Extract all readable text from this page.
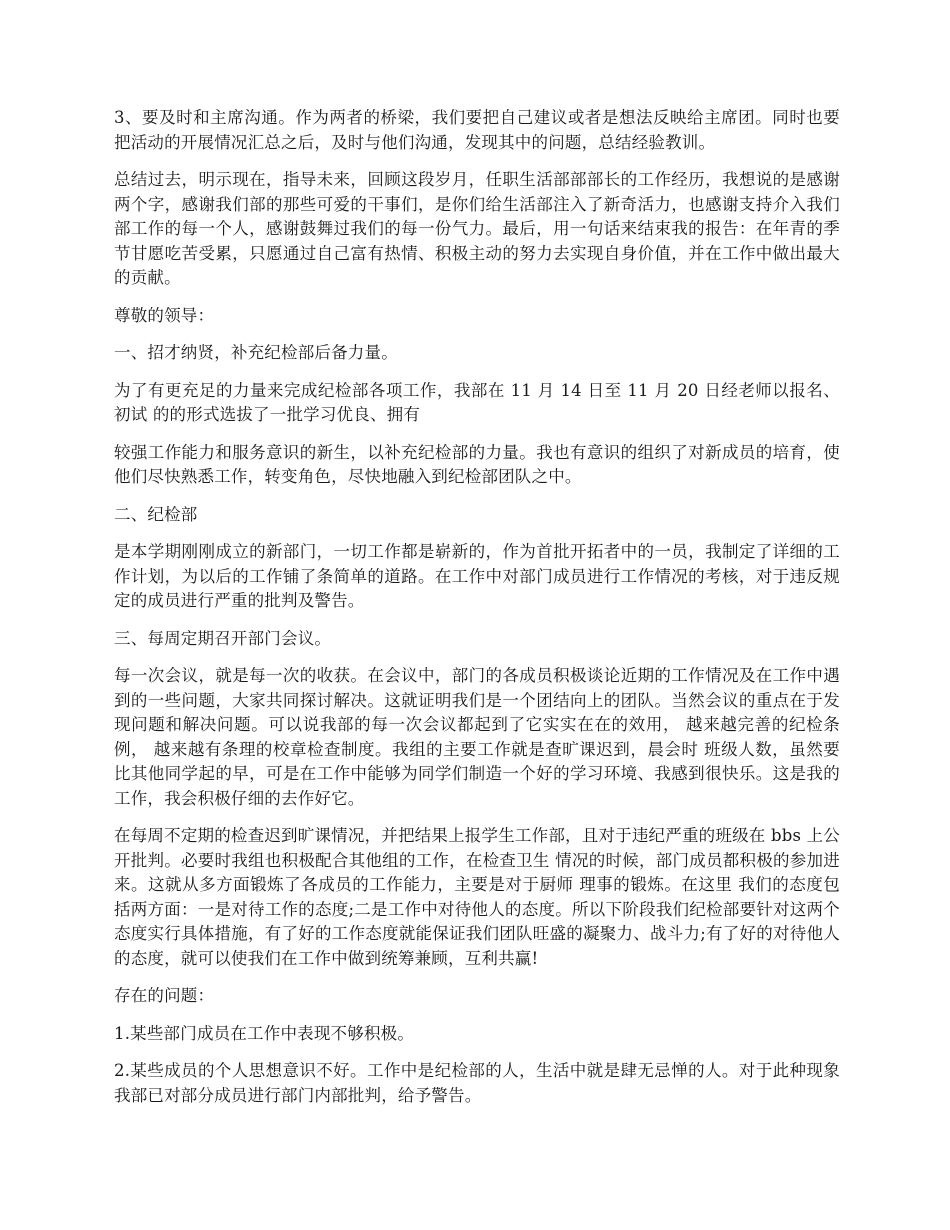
3、要及时和主席沟通。作为两者的桥梁，我们要把自己建议或者是想法反映给主席团。同时也要把活动的开展情况汇总之后，及时与他们沟通，发现其中的问题，总结经验教训。

总结过去，明示现在，指导未来，回顾这段岁月，任职生活部部部长的工作经历，我想说的是感谢两个字，感谢我们部的那些可爱的干事们，是你们给生活部注入了新奇活力，也感谢支持介入我们部工作的每一个人，感谢鼓舞过我们的每一份气力。最后，用一句话来结束我的报告：在年青的季节甘愿吃苦受累，只愿通过自己富有热情、积极主动的努力去实现自身价值，并在工作中做出最大的贡献。

尊敬的领导：

一、招才纳贤，补充纪检部后备力量。

为了有更充足的力量来完成纪检部各项工作，我部在 11 月 14 日至 11 月 20 日经老师以报名、初试 的的形式选拔了一批学习优良、拥有

较强工作能力和服务意识的新生，以补充纪检部的力量。我也有意识的组织了对新成员的培育，使他们尽快熟悉工作，转变角色，尽快地融入到纪检部团队之中。

二、纪检部

是本学期刚刚成立的新部门，一切工作都是崭新的，作为首批开拓者中的一员，我制定了详细的工作计划，为以后的工作铺了条简单的道路。在工作中对部门成员进行工作情况的考核，对于违反规定的成员进行严重的批判及警告。

三、每周定期召开部门会议。

每一次会议，就是每一次的收获。在会议中，部门的各成员积极谈论近期的工作情况及在工作中遇到的一些问题，大家共同探讨解决。这就证明我们是一个团结向上的团队。当然会议的重点在于发现问题和解决问题。可以说我部的每一次会议都起到了它实实在在的效用， 越来越完善的纪检条例， 越来越有条理的校章检查制度。我组的主要工作就是查旷课迟到，晨会时 班级人数，虽然要比其他同学起的早，可是在工作中能够为同学们制造一个好的学习环境、我感到很快乐。这是我的工作，我会积极仔细的去作好它。

在每周不定期的检查迟到旷课情况，并把结果上报学生工作部，且对于违纪严重的班级在 bbs 上公开批判。必要时我组也积极配合其他组的工作，在检查卫生 情况的时候，部门成员都积极的参加进来。这就从多方面锻炼了各成员的工作能力，主要是对于厨师 理事的锻炼。在这里 我们的态度包括两方面：一是对待工作的态度;二是工作中对待他人的态度。所以下阶段我们纪检部要针对这两个态度实行具体措施，有了好的工作态度就能保证我们团队旺盛的凝聚力、战斗力;有了好的对待他人的态度，就可以使我们在工作中做到统筹兼顾，互利共赢!

存在的问题：

1.某些部门成员在工作中表现不够积极。

2.某些成员的个人思想意识不好。工作中是纪检部的人，生活中就是肆无忌惮的人。对于此种现象我部已对部分成员进行部门内部批判，给予警告。
